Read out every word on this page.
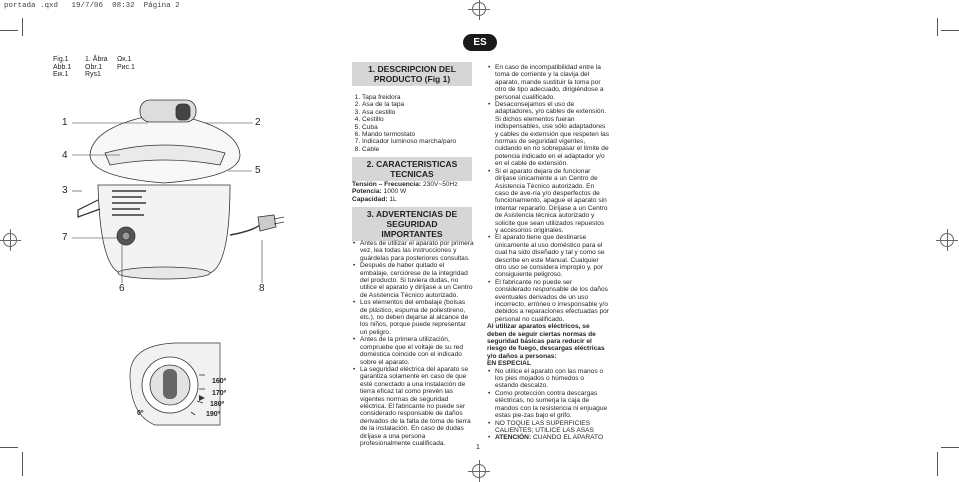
portada .qxd 19/7/06 08:32 Página 2
Fig.1
Abb.1
Εικ.1
1. Åbra
Obr.1
Rys1
Ωκ.1
Рис.1
1	2
3
4
5
6
7
8
160º
170º
180º
190º
0º
ES
1. DESCRIPCION DEL
PRODUCTO (Fig 1)
1. Tapa freidora
2. Asa de la tapa
3. Asa cestillo
4. Cestillo
5. Cuba
6. Mando termostato
7. Indicador luminoso marcha/paro
8. Cable
2. CARACTERISTICAS TECNICAS
Tensión – Frecuencia: 230V~50Hz
Potencia: 1000 W
Capacidad: 1L
3. ADVERTENCIAS DE SEGURIDAD
IMPORTANTES
• Antes de utilizar el aparato por primera vez, lea todas las instrucciones y guárdelas para posteriores consultas.
• Después de haber quitado el embalaje, cerciórese de la integridad del producto. Si tuviera dudas, no utilice el aparato y diríjase a un Centro de Asistencia Técnico autorizado.
• Los elementos del embalaje (bolsas de plástico, espuma de poliestireno, etc.), no deben dejarse al alcance de los niños, porque puede representar un peligro.
• Antes de la primera utilización, compruebe que el voltaje de su red doméstica coincide con el indicado sobre el aparato.
• La seguridad eléctrica del aparato se garantiza solamente en caso de que esté conectado a una instalación de tierra eficaz tal como prevén las vigentes normas de seguridad eléctrica. El fabricante no puede ser considerado responsable de daños derivados de la falta de toma de tierra de la instalación. En caso de dudas diríjase a una persona profesionalmente cualificada.
• En caso de incompatibilidad entre la toma de corriente y la clavija del aparato, mande sustituir la toma por otro de tipo adecuado, dirigiéndose a personal cualificado.
• Desaconsejamos el uso de adaptadores, y/o cables de extensión. Si dichos elementos fueran indispensables, use sólo adaptadores y cables de extensión que respeten las normas de seguridad vigentes, cuidando en no sobrepasar el límite de potencia indicado en el adaptador y/o en el cable de extensión.
• Si el aparato dejara de funcionar diríjase únicamente a un Centro de Asistencia Técnico autorizado. En caso de ave-ría y/o desperfectos de funcionamiento, apague el aparato sin intentar repararlo. Diríjase a un Centro de Asistencia técnica autorizado y solicite que sean utilizados repuestos y accesorios originales.
• El aparato tiene que destinarse únicamente al uso doméstico para el cual ha sido diseñado y tal y como se describe en este Manual. Cualquier otro uso se considera impropio y, por consiguiente peligroso.
• El fabricante no puede ser considerado responsable de los daños eventuales derivados de un uso incorrecto, erróneo o irresponsable y/o debidos a reparaciones efectuadas por personal no cualificado.
Al utilizar aparatos eléctricos, se deben de seguir ciertas normas de seguridad básicas para reducir el riesgo de fuego, descargas eléctricas y/o daños a personas:
EN ESPECIAL
• No utilice el aparato con las manos o los pies mojados o húmedos o estando descalzo.
• Como protección contra descargas eléctricas, no sumerja la caja de mandos con la resistencia ni enjuague estas pie-zas bajo el grifo.
• NO TOQUE LAS SUPERFICIES CALIENTES; UTILICE LAS ASAS
• ATENCIÓN: CUANDO EL APARATO
1
